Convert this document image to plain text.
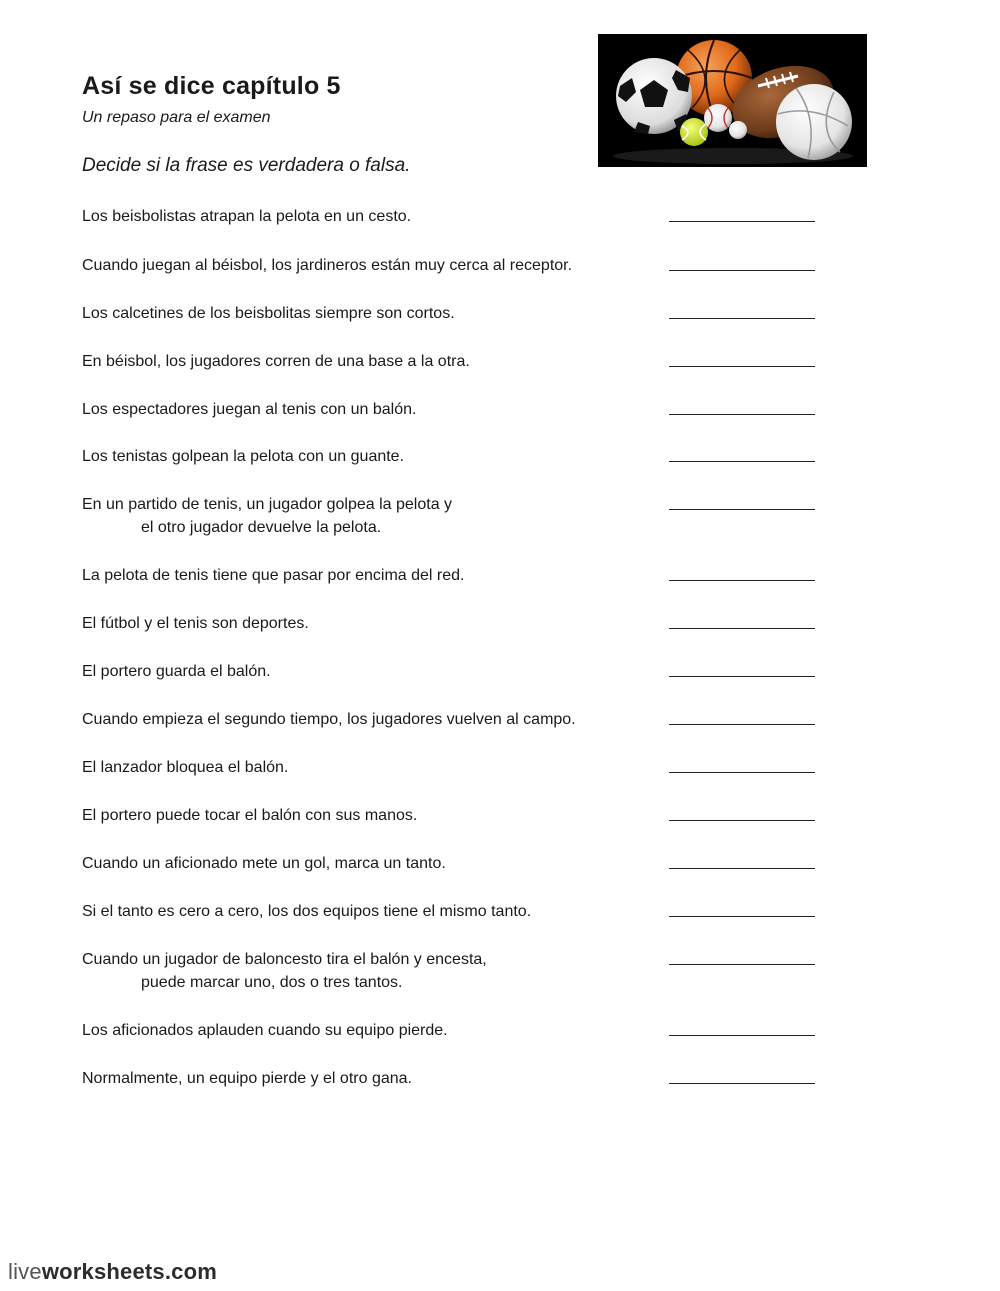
Así se dice capítulo 5

Un repaso para el examen

Decide si la frase es verdadera o falsa.

Los beisbolistas atrapan la pelota en un cesto.
Cuando juegan al béisbol, los jardineros están muy cerca al receptor.
Los calcetines de los beisbolitas siempre son cortos.
En béisbol, los jugadores corren de una base a la otra.
Los espectadores juegan al tenis con un balón.
Los tenistas golpean la pelota con un guante.
En un partido de tenis, un jugador golpea la pelota y
el otro jugador devuelve la pelota.
La pelota de tenis tiene que pasar por encima del red.
El fútbol y el tenis son deportes.
El portero guarda el balón.
Cuando empieza el segundo tiempo, los jugadores vuelven al campo.
El lanzador bloquea el balón.
El portero puede tocar el balón con sus manos.
Cuando un aficionado mete un gol, marca un tanto.
Si el tanto es cero a cero, los dos equipos tiene el mismo tanto.
Cuando un jugador de baloncesto tira el balón y encesta,
puede marcar uno, dos o tres tantos.
Los aficionados aplauden cuando su equipo pierde.
Normalmente, un equipo pierde y el otro gana.
liveworksheets.com
